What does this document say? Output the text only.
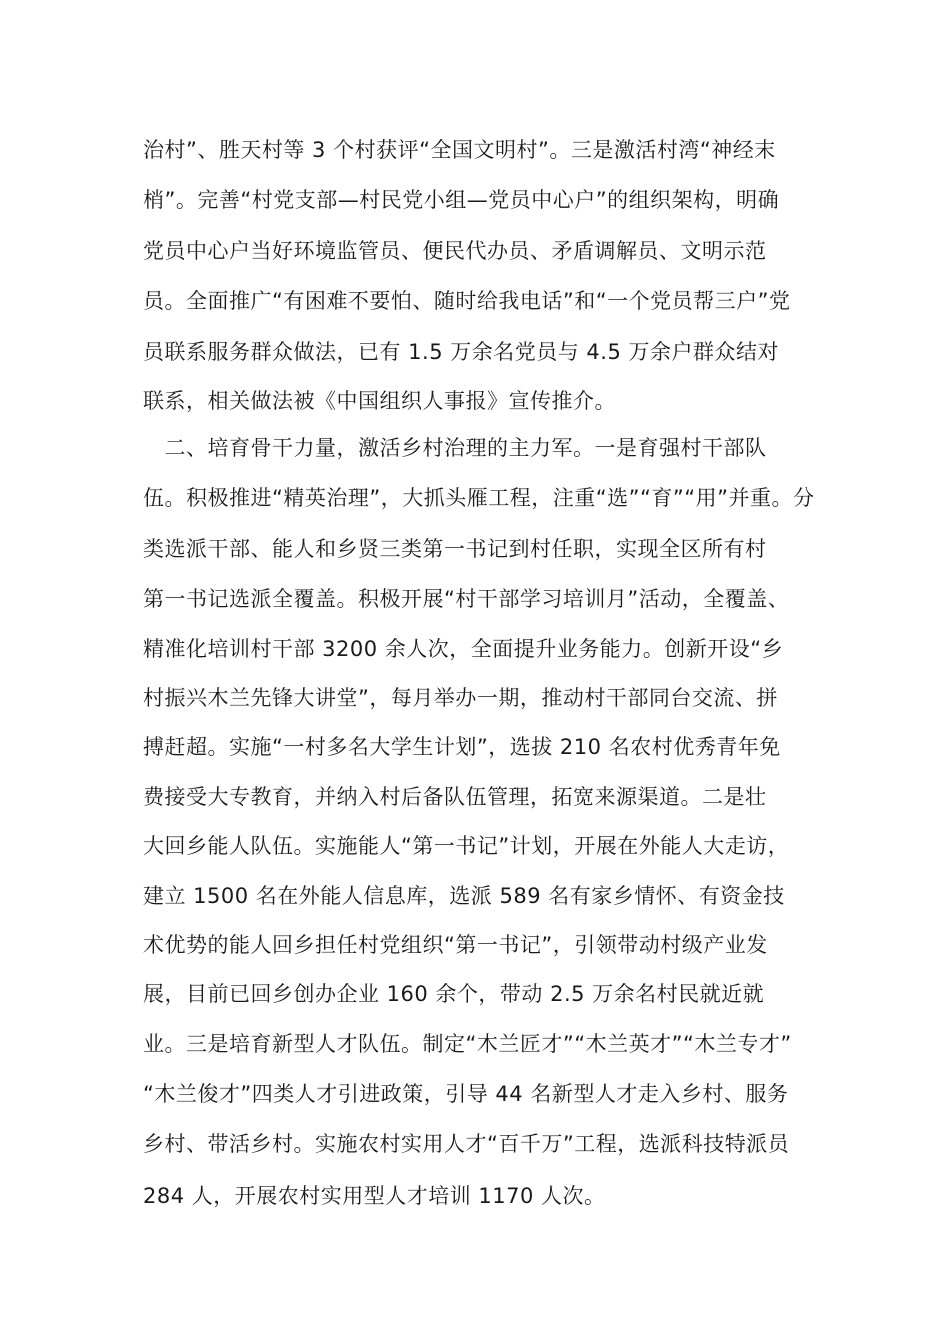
治村”、胜天村等 3 个村获评“全国文明村”。三是激活村湾“神经末
梢”。完善“村党支部—村民党小组—党员中心户”的组织架构，明确
党员中心户当好环境监管员、便民代办员、矛盾调解员、文明示范
员。全面推广“有困难不要怕、随时给我电话”和“一个党员帮三户”党
员联系服务群众做法，已有 1.5 万余名党员与 4.5 万余户群众结对
联系，相关做法被《中国组织人事报》宣传推介。
　二、培育骨干力量，激活乡村治理的主力军。一是育强村干部队
伍。积极推进“精英治理”，大抓头雁工程，注重“选”“育”“用”并重。分
类选派干部、能人和乡贤三类第一书记到村任职，实现全区所有村
第一书记选派全覆盖。积极开展“村干部学习培训月”活动，全覆盖、
精准化培训村干部 3200 余人次，全面提升业务能力。创新开设“乡
村振兴木兰先锋大讲堂”，每月举办一期，推动村干部同台交流、拼
搏赶超。实施“一村多名大学生计划”，选拔 210 名农村优秀青年免
费接受大专教育，并纳入村后备队伍管理，拓宽来源渠道。二是壮
大回乡能人队伍。实施能人“第一书记”计划，开展在外能人大走访，
建立 1500 名在外能人信息库，选派 589 名有家乡情怀、有资金技
术优势的能人回乡担任村党组织“第一书记”，引领带动村级产业发
展，目前已回乡创办企业 160 余个，带动 2.5 万余名村民就近就
业。三是培育新型人才队伍。制定“木兰匠才”“木兰英才”“木兰专才”
“木兰俊才”四类人才引进政策，引导 44 名新型人才走入乡村、服务
乡村、带活乡村。实施农村实用人才“百千万”工程，选派科技特派员
284 人，开展农村实用型人才培训 1170 人次。
